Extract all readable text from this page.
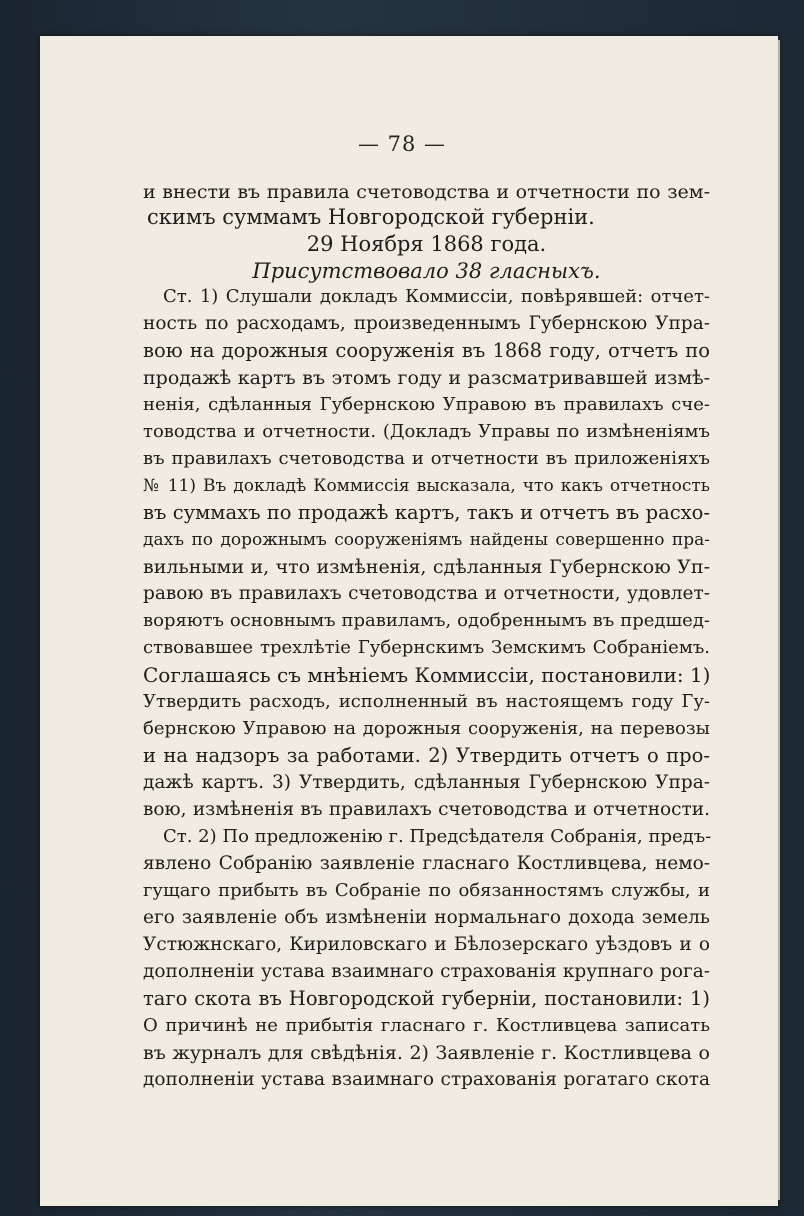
— 78 —
и внести въ правила счетоводства и отчетности по зем-
скимъ суммамъ Новгородской губерніи.
29 Ноября 1868 года.
Присутствовало 38 гласныхъ.
Ст. 1) Слушали докладъ Коммиссіи, повѣрявшей: отчет-
ность по расходамъ, произведеннымъ Губернскою Упра-
вою на дорожныя сооруженія въ 1868 году, отчетъ по
продажѣ картъ въ этомъ году и разсматривавшей измѣ-
ненія, сдѣланныя Губернскою Управою въ правилахъ сче-
товодства и отчетности. (Докладъ Управы по измѣненіямъ
въ правилахъ счетоводства и отчетности въ приложеніяхъ
№ 11) Въ докладѣ Коммиссія высказала, что какъ отчетность
въ суммахъ по продажѣ картъ, такъ и отчетъ въ расхо-
дахъ по дорожнымъ сооруженіямъ найдены совершенно пра-
вильными и, что измѣненія, сдѣланныя Губернскою Уп-
равою въ правилахъ счетоводства и отчетности, удовлет-
воряютъ основнымъ правиламъ, одобреннымъ въ предшед-
ствовавшее трехлѣтіе Губернскимъ Земскимъ Собраніемъ.
Соглашаясь съ мнѣніемъ Коммиссіи, постановили: 1)
Утвердить расходъ, исполненный въ настоящемъ году Гу-
бернскою Управою на дорожныя сооруженія, на перевозы
и на надзоръ за работами. 2) Утвердить отчетъ о про-
дажѣ картъ. 3) Утвердить, сдѣланныя Губернскою Упра-
вою, измѣненія въ правилахъ счетоводства и отчетности.
Ст. 2) По предложенію г. Предсѣдателя Собранія, предъ-
явлено Собранію заявленіе гласнаго Костливцева, немо-
гущаго прибыть въ Собраніе по обязанностямъ службы, и
его заявленіе объ измѣненіи нормальнаго дохода земель
Устюжнскаго, Кириловскаго и Бѣлозерскаго уѣздовъ и о
дополненіи устава взаимнаго страхованія крупнаго рога-
таго скота въ Новгородской губерніи, постановили: 1)
О причинѣ не прибытія гласнаго г. Костливцева записать
въ журналъ для свѣдѣнія. 2) Заявленіе г. Костливцева о
дополненіи устава взаимнаго страхованія рогатаго скота
